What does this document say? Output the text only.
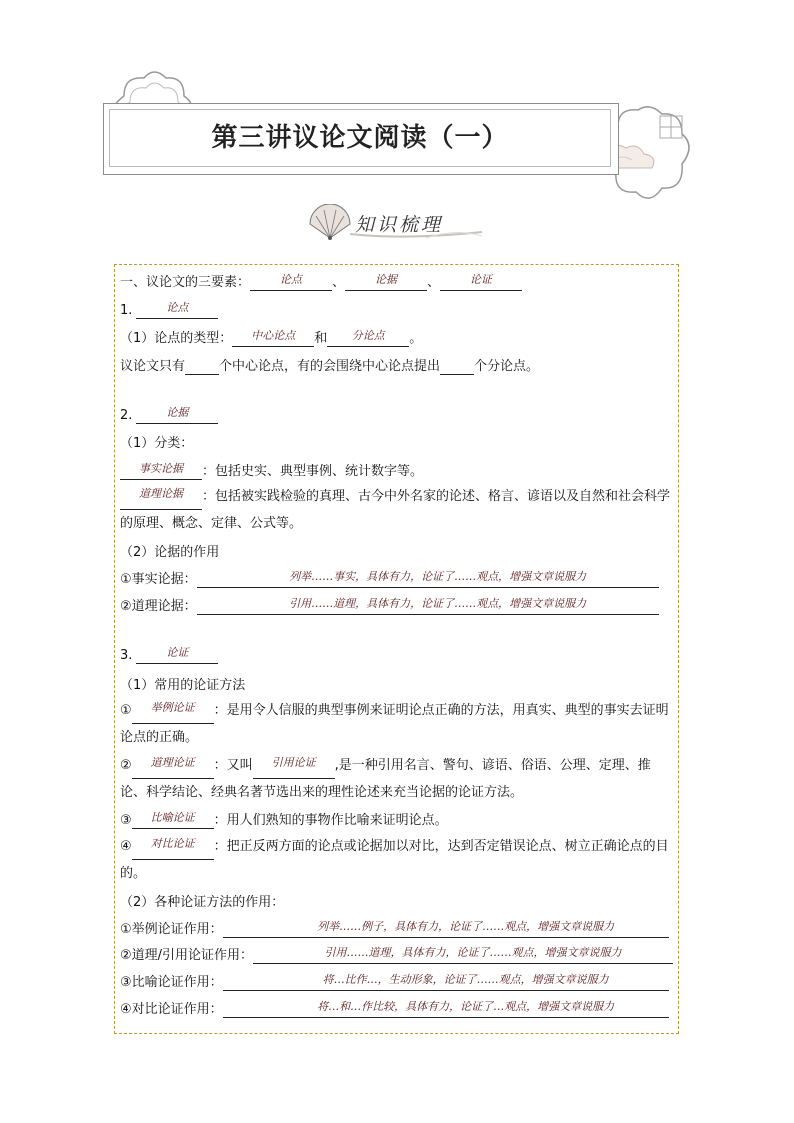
第三讲议论文阅读（一）
知识梳理
一、议论文的三要素：	论点	、	论据	、	论证
1.	论点
（1）论点的类型：	中心论点	和	分论点	。
议论文只有	个中心论点，有的会围绕中心论点提出	个分论点。
2.	论据
（1）分类：
事实论据	：包括史实、典型事例、统计数字等。
道理论据	：包括被实践检验的真理、古今中外名家的论述、格言、谚语以及自然和社会科学的原理、概念、定律、公式等。
（2）论据的作用
①事实论据：	列举……事实，具体有力，论证了……观点，增强文章说服力
②道理论据：	引用……道理，具体有力，论证了……观点，增强文章说服力
3.	论证
（1）常用的论证方法
①	举例论证	：是用令人信服的典型事例来证明论点正确的方法，用真实、典型的事实去证明论点的正确。
②	道理论证	：又叫	引用论证	,是一种引用名言、警句、谚语、俗语、公理、定理、推论、科学结论、经典名著节选出来的理性论述来充当论据的论证方法。
③	比喻论证	：用人们熟知的事物作比喻来证明论点。
④	对比论证	：把正反两方面的论点或论据加以对比，达到否定错误论点、树立正确论点的目的。
（2）各种论证方法的作用：
①举例论证作用：	列举……例子，具体有力，论证了……观点，增强文章说服力
②道理/引用论证作用：	引用……道理，具体有力，论证了……观点，增强文章说服力
③比喻论证作用：	将…比作…，生动形象，论证了……观点，增强文章说服力
④对比论证作用：	将…和…作比较，具体有力，论证了…观点，增强文章说服力
